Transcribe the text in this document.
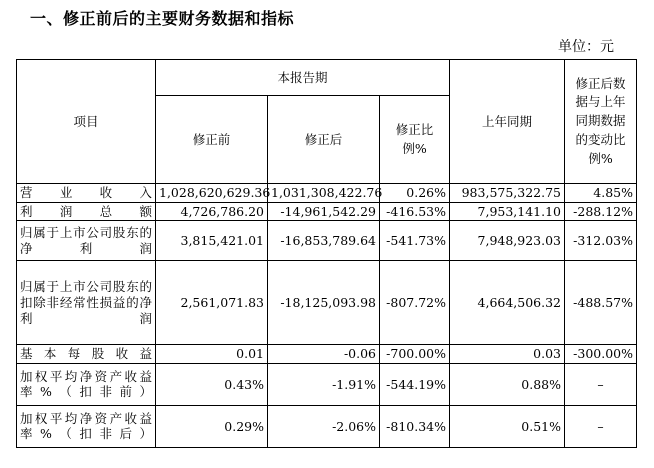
一、修正前后的主要财务数据和指标
单位：元
项目	本报告期			上年同期	修正后数据与上年同期数据的变动比例%
	修正前	修正后	修正比例%		
营业收入	1,028,620,629.36	1,031,308,422.76	0.26%	983,575,322.75	4.85%
利润总额	4,726,786.20	-14,961,542.29	-416.53%	7,953,141.10	-288.12%
归属于上市公司股东的净利润	3,815,421.01	-16,853,789.64	-541.73%	7,948,923.03	-312.03%
归属于上市公司股东的扣除非经常性损益的净利润	2,561,071.83	-18,125,093.98	-807.72%	4,664,506.32	-488.57%
基本每股收益	0.01	-0.06	-700.00%	0.03	-300.00%
加权平均净资产收益率%（扣非前）	0.43%	-1.91%	-544.19%	0.88%	–
加权平均净资产收益率%（扣非后）	0.29%	-2.06%	-810.34%	0.51%	–
